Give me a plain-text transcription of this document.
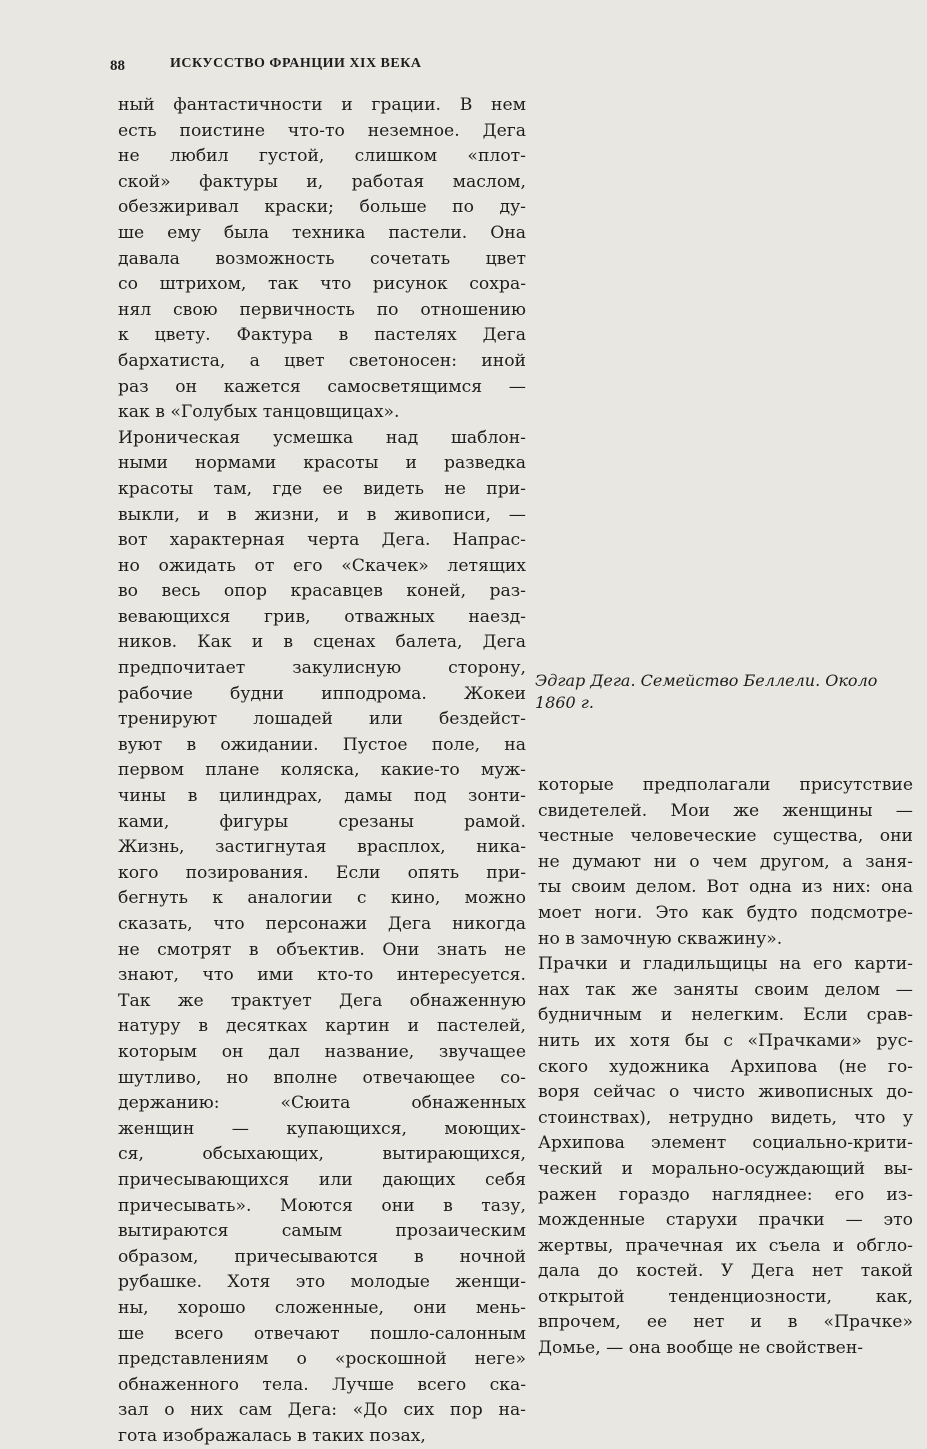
88	ИСКУССТВО ФРАНЦИИ XIX ВЕКА
ный фантастичности и грации. В нем
есть поистине что-то неземное. Дега
не любил густой, слишком «плот-
ской» фактуры и, работая маслом,
обезжиривал краски; больше по ду-
ше ему была техника пастели. Она
давала возможность сочетать цвет
со штрихом, так что рисунок сохра-
нял свою первичность по отношению
к цвету. Фактура в пастелях Дега
бархатиста, а цвет светоносен: иной
раз он кажется самосветящимся —
как в «Голубых танцовщицах».
Ироническая усмешка над шаблон-
ными нормами красоты и разведка
красоты там, где ее видеть не при-
выкли, и в жизни, и в живописи, —
вот характерная черта Дега. Напрас-
но ожидать от его «Скачек» летящих
во весь опор красавцев коней, раз-
вевающихся грив, отважных наезд-
ников. Как и в сценах балета, Дега
предпочитает закулисную сторону,
рабочие будни ипподрома. Жокеи
тренируют лошадей или бездейст-
вуют в ожидании. Пустое поле, на
первом плане коляска, какие-то муж-
чины в цилиндрах, дамы под зонти-
ками, фигуры срезаны рамой.
Жизнь, застигнутая врасплох, ника-
кого позирования. Если опять при-
бегнуть к аналогии с кино, можно
сказать, что персонажи Дега никогда
не смотрят в объектив. Они знать не
знают, что ими кто-то интересуется.
Так же трактует Дега обнаженную
натуру в десятках картин и пастелей,
которым он дал название, звучащее
шутливо, но вполне отвечающее со-
держанию: «Сюита обнаженных
женщин — купающихся, моющих-
ся, обсыхающих, вытирающихся,
причесывающихся или дающих себя
причесывать». Моются они в тазу,
вытираются самым прозаическим
образом, причесываются в ночной
рубашке. Хотя это молодые женщи-
ны, хорошо сложенные, они мень-
ше всего отвечают пошло-салонным
представлениям о «роскошной неге»
обнаженного тела. Лучше всего ска-
зал о них сам Дега: «До сих пор на-
гота изображалась в таких позах,
Эдгар Дега. Семейство Беллели. Около
1860 г.
которые предполагали присутствие
свидетелей. Мои же женщины —
честные человеческие существа, они
не думают ни о чем другом, а заня-
ты своим делом. Вот одна из них: она
моет ноги. Это как будто подсмотре-
но в замочную скважину».
Прачки и гладильщицы на его карти-
нах так же заняты своим делом —
будничным и нелегким. Если срав-
нить их хотя бы с «Прачками» рус-
ского художника Архипова (не го-
воря сейчас о чисто живописных до-
стоинствах), нетрудно видеть, что у
Архипова элемент социально-крити-
ческий и морально-осуждающий вы-
ражен гораздо нагляднее: его из-
можденные старухи прачки — это
жертвы, прачечная их съела и обгло-
дала до костей. У Дега нет такой
открытой тенденциозности, как,
впрочем, ее нет и в «Прачке»
Домье, — она вообще не свойствен-
